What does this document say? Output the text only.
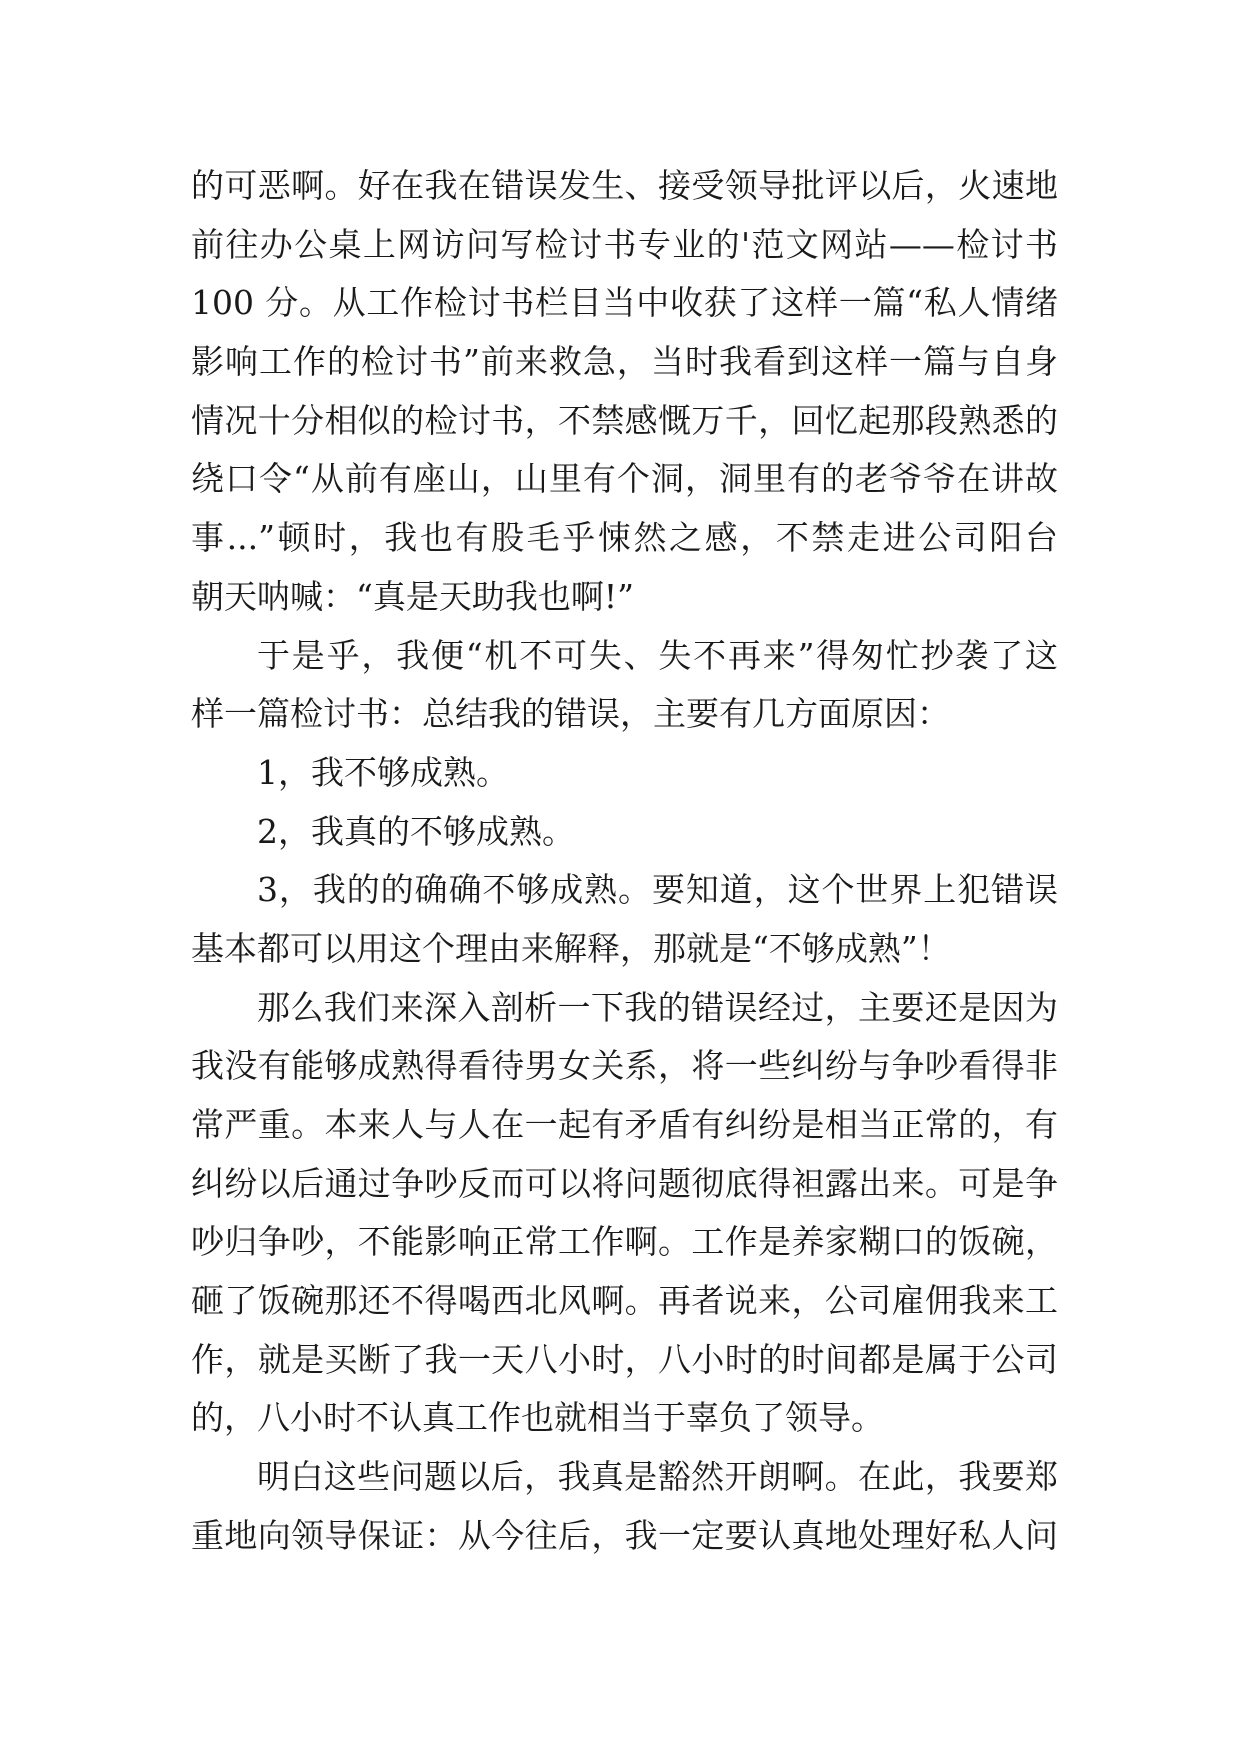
的可恶啊。好在我在错误发生、接受领导批评以后，火速地
前往办公桌上网访问写检讨书专业的'范文网站——检讨书
100 分。从工作检讨书栏目当中收获了这样一篇“私人情绪
影响工作的检讨书”前来救急，当时我看到这样一篇与自身
情况十分相似的检讨书，不禁感慨万千，回忆起那段熟悉的
绕口令“从前有座山，山里有个洞，洞里有的老爷爷在讲故
事...”顿时，我也有股毛乎悚然之感，不禁走进公司阳台
朝天呐喊：“真是天助我也啊!”
于是乎，我便“机不可失、失不再来”得匆忙抄袭了这
样一篇检讨书：总结我的错误，主要有几方面原因：
1，我不够成熟。
2，我真的不够成熟。
3，我的的确确不够成熟。要知道，这个世界上犯错误
基本都可以用这个理由来解释，那就是“不够成熟”！
那么我们来深入剖析一下我的错误经过，主要还是因为
我没有能够成熟得看待男女关系，将一些纠纷与争吵看得非
常严重。本来人与人在一起有矛盾有纠纷是相当正常的，有
纠纷以后通过争吵反而可以将问题彻底得袒露出来。可是争
吵归争吵，不能影响正常工作啊。工作是养家糊口的饭碗，
砸了饭碗那还不得喝西北风啊。再者说来，公司雇佣我来工
作，就是买断了我一天八小时，八小时的时间都是属于公司
的，八小时不认真工作也就相当于辜负了领导。
明白这些问题以后，我真是豁然开朗啊。在此，我要郑
重地向领导保证：从今往后，我一定要认真地处理好私人问
